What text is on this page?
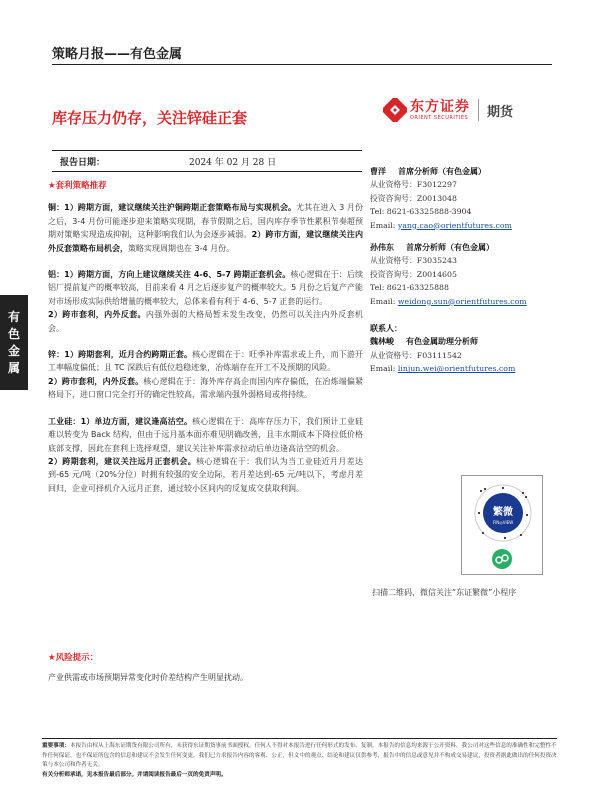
策略月报——有色金属
库存压力仍存，关注锌硅正套
东方证券
ORIENT SECURITIES 期货
报告日期：	2024 年 02 月 28 日
有
色
金
属
★套利策略推荐

铜：1）跨期方面，建议继续关注沪铜跨期正套策略布局与实现机会。尤其在进入 3 月份之后，3-4 月份可能逐步迎来策略实现期，春节假期之后，国内库存季节性累积节奏超预期对策略实现造成抑制，这种影响我们认为会逐步减弱。2）跨市方面，建议继续关注内外反套策略布局机会，策略实现周期也在 3-4 月份。

铝：1）跨期方面，方向上建议继续关注 4-6、5-7 跨期正套机会。核心逻辑在于：后续铝厂提前复产的概率较高，目前来看 4 月之后逐步复产的概率较大。5 月份之后复产产能对市场形成实际供给增量的概率较大，总体来看有利于 4-6、5-7 正套的运行。

2）跨市套利，内外反套。内强外弱的大格局暂未发生改变，仍然可以关注内外反套机会。

锌：1）跨期套利，近月合约跨期正套。核心逻辑在于：旺季补库需求或上升，而下游开工率幅度偏低；且 TC 深跌后有低位趋稳迹象，冶炼端存在开工不及预期的风险。

2）跨市套利，内外反套。核心逻辑在于：海外库存高企而国内库存偏低，在冶炼端偏紧格局下，进口窗口完全打开的确定性较高，需求端内强外弱格局或将持续。

工业硅：1）单边方面，建议逢高沽空。核心逻辑在于：高库存压力下，我们预计工业硅难以转变为 Back 结构，但由于远月基本面亦难见明确改善，且丰水期成本下降拉低价格底部支撑，因此在套利上选择观望，建议关注补库需求拉动后单边逢高沽空的机会。

2）跨期套利，建议关注远月正套机会。核心逻辑在于：我们认为当工业硅近月月差达到-65 元/吨（20%分位）时拥有较强的安全边际，若月差达到-65 元/吨以下，考虑月差回归，企业可择机介入远月正套，通过较小区间内的反复成交获取利润。

曹洋 首席分析师（有色金属）
从业资格号：F3012297
投资咨询号：Z0013048
Tel: 8621-63325888-3904
Email: yang.cao@orientfutures.com
孙伟东 首席分析师（有色金属）
从业资格号：F3035243
投资咨询号：Z0014605
Tel: 8621-63325888
Email: weidong.sun@orientfutures.com
联系人：
魏林峻 有色金属助理分析师
从业资格号：F03111542
Email: linjun.wei@orientfutures.com
繁微
FIN◎VIEW
扫描二维码，微信关注“东证繁微”小程序
★风险提示：
产业供需或市场预期异常变化时价差结构产生明显扰动。
重要事项：本报告由权从上海东证期货有限公司所有，未获得东证期货事前书面授权，任何人不得对本报告进行任何形式的发布、复制。本报告的信息均来源于公开资料，我公司对这些信息的准确性和完整性不作任何保证，也不保证所包含的信息和建议不会发生任何变更。我们已力求报告内容的客观、公正，但文中的观点、结论和建议仅供参考，报告中的信息或意见并不构成交易建议，投资者据此做出的任何投资决策与本公司和作者无关。
有关分析师承诺，见本报告最后部分。并请阅读报告最后一页的免责声明。
